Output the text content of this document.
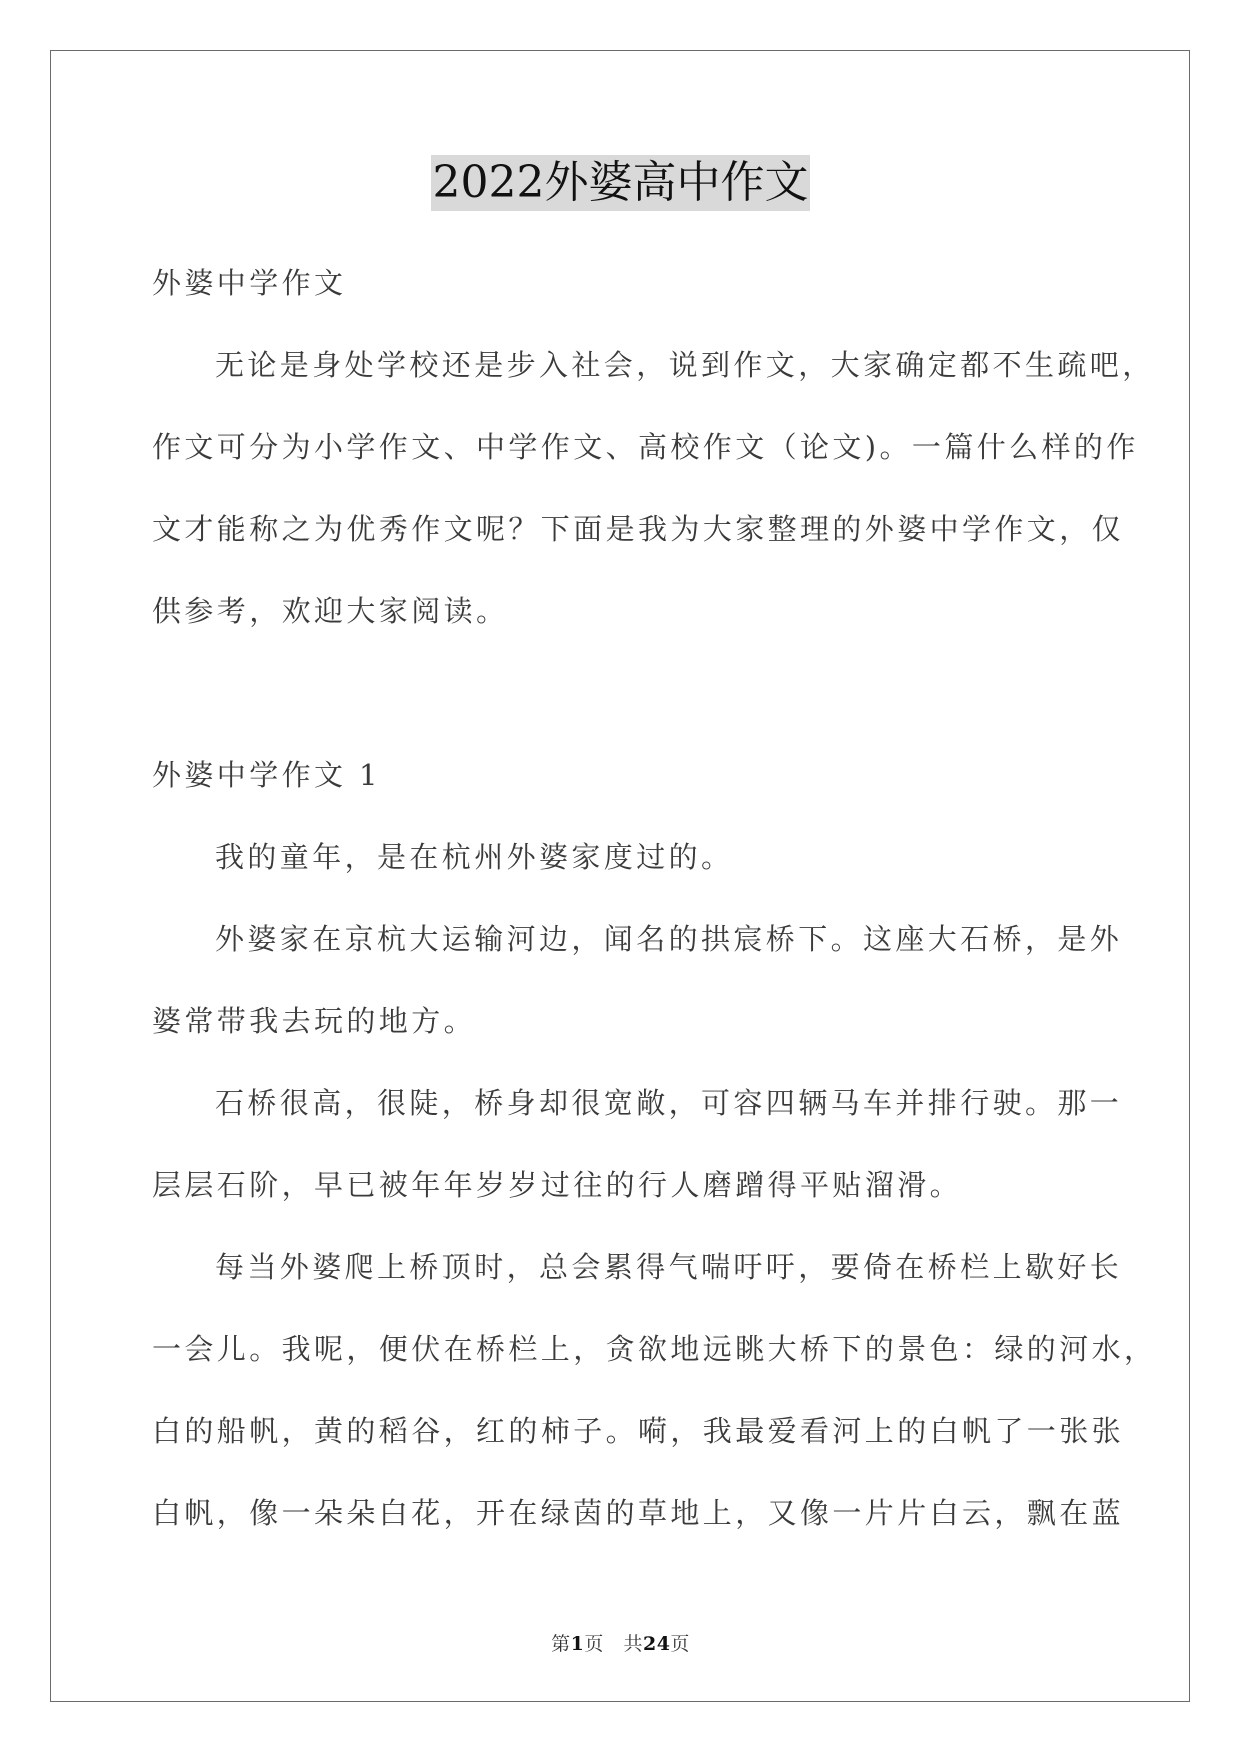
2022外婆高中作文
外婆中学作文
无论是身处学校还是步入社会，说到作文，大家确定都不生疏吧，
作文可分为小学作文、中学作文、高校作文（论文)。一篇什么样的作
文才能称之为优秀作文呢？下面是我为大家整理的外婆中学作文，仅
供参考，欢迎大家阅读。
外婆中学作文 1
我的童年，是在杭州外婆家度过的。
外婆家在京杭大运输河边，闻名的拱宸桥下。这座大石桥，是外
婆常带我去玩的地方。
石桥很高，很陡，桥身却很宽敞，可容四辆马车并排行驶。那一
层层石阶，早已被年年岁岁过往的行人磨蹭得平贴溜滑。
每当外婆爬上桥顶时，总会累得气喘吁吁，要倚在桥栏上歇好长
一会儿。我呢，便伏在桥栏上，贪欲地远眺大桥下的景色：绿的河水，
白的船帆，黄的稻谷，红的柿子。嗬，我最爱看河上的白帆了一张张
白帆，像一朵朵白花，开在绿茵的草地上，又像一片片白云，飘在蓝
第1页 共24页
